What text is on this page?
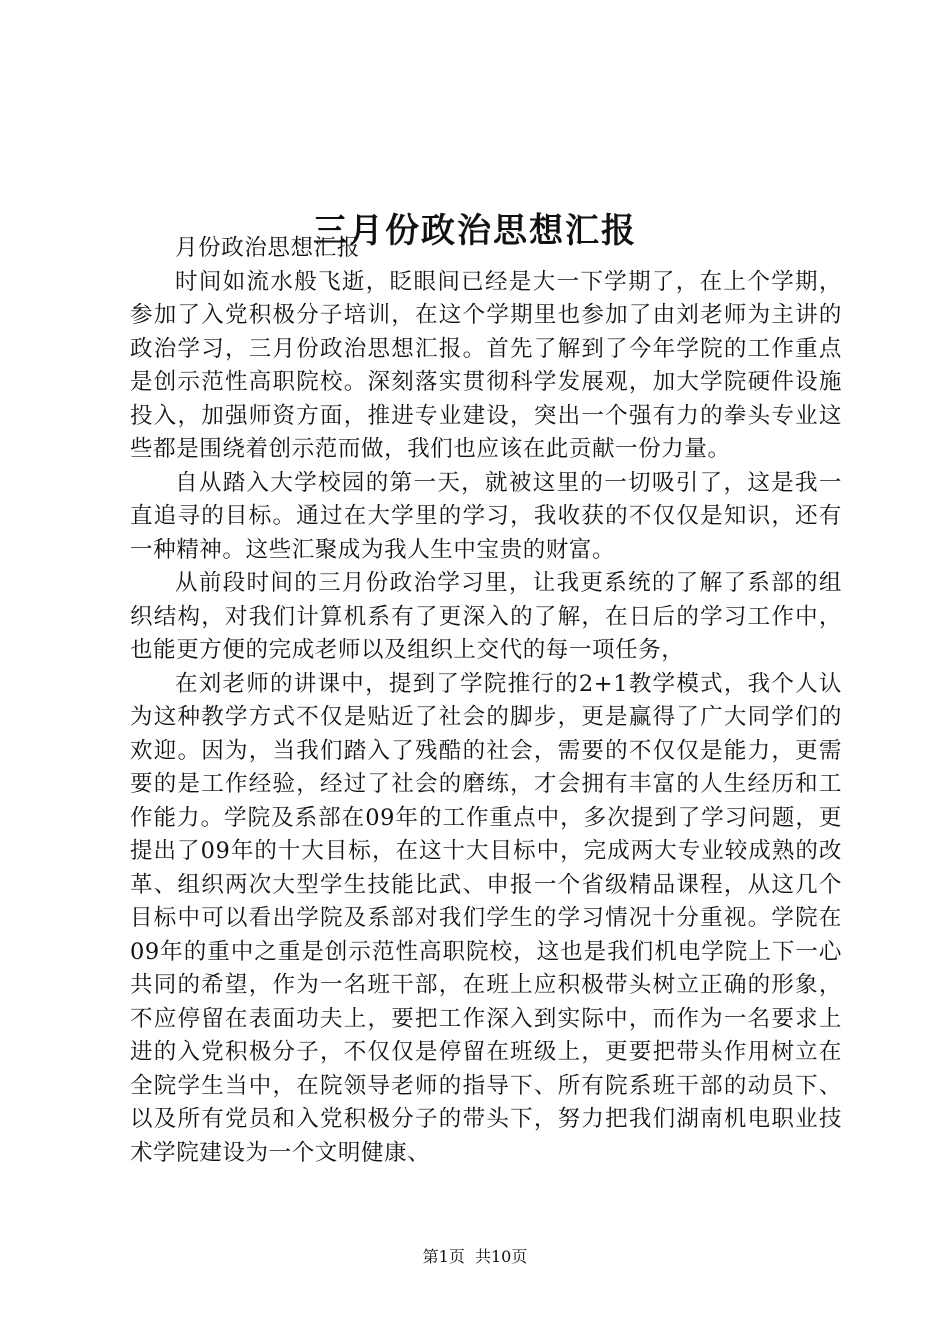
三月份政治思想汇报

月份政治思想汇报

时间如流水般飞逝，眨眼间已经是大一下学期了，在上个学期，参加了入党积极分子培训，在这个学期里也参加了由刘老师为主讲的政治学习，三月份政治思想汇报。首先了解到了今年学院的工作重点是创示范性高职院校。深刻落实贯彻科学发展观，加大学院硬件设施投入，加强师资方面，推进专业建设，突出一个强有力的拳头专业这些都是围绕着创示范而做，我们也应该在此贡献一份力量。

自从踏入大学校园的第一天，就被这里的一切吸引了，这是我一直追寻的目标。通过在大学里的学习，我收获的不仅仅是知识，还有一种精神。这些汇聚成为我人生中宝贵的财富。

从前段时间的三月份政治学习里，让我更系统的了解了系部的组织结构，对我们计算机系有了更深入的了解，在日后的学习工作中，也能更方便的完成老师以及组织上交代的每一项任务，

在刘老师的讲课中，提到了学院推行的2+1教学模式，我个人认为这种教学方式不仅是贴近了社会的脚步，更是赢得了广大同学们的欢迎。因为，当我们踏入了残酷的社会，需要的不仅仅是能力，更需要的是工作经验，经过了社会的磨练，才会拥有丰富的人生经历和工作能力。学院及系部在09年的工作重点中，多次提到了学习问题，更提出了09年的十大目标，在这十大目标中，完成两大专业较成熟的改革、组织两次大型学生技能比武、申报一个省级精品课程，从这几个目标中可以看出学院及系部对我们学生的学习情况十分重视。学院在09年的重中之重是创示范性高职院校，这也是我们机电学院上下一心共同的希望，作为一名班干部，在班上应积极带头树立正确的形象，不应停留在表面功夫上，要把工作深入到实际中，而作为一名要求上进的入党积极分子，不仅仅是停留在班级上，更要把带头作用树立在全院学生当中，在院领导老师的指导下、所有院系班干部的动员下、以及所有党员和入党积极分子的带头下，努力把我们湖南机电职业技术学院建设为一个文明健康、

第1页  共10页
